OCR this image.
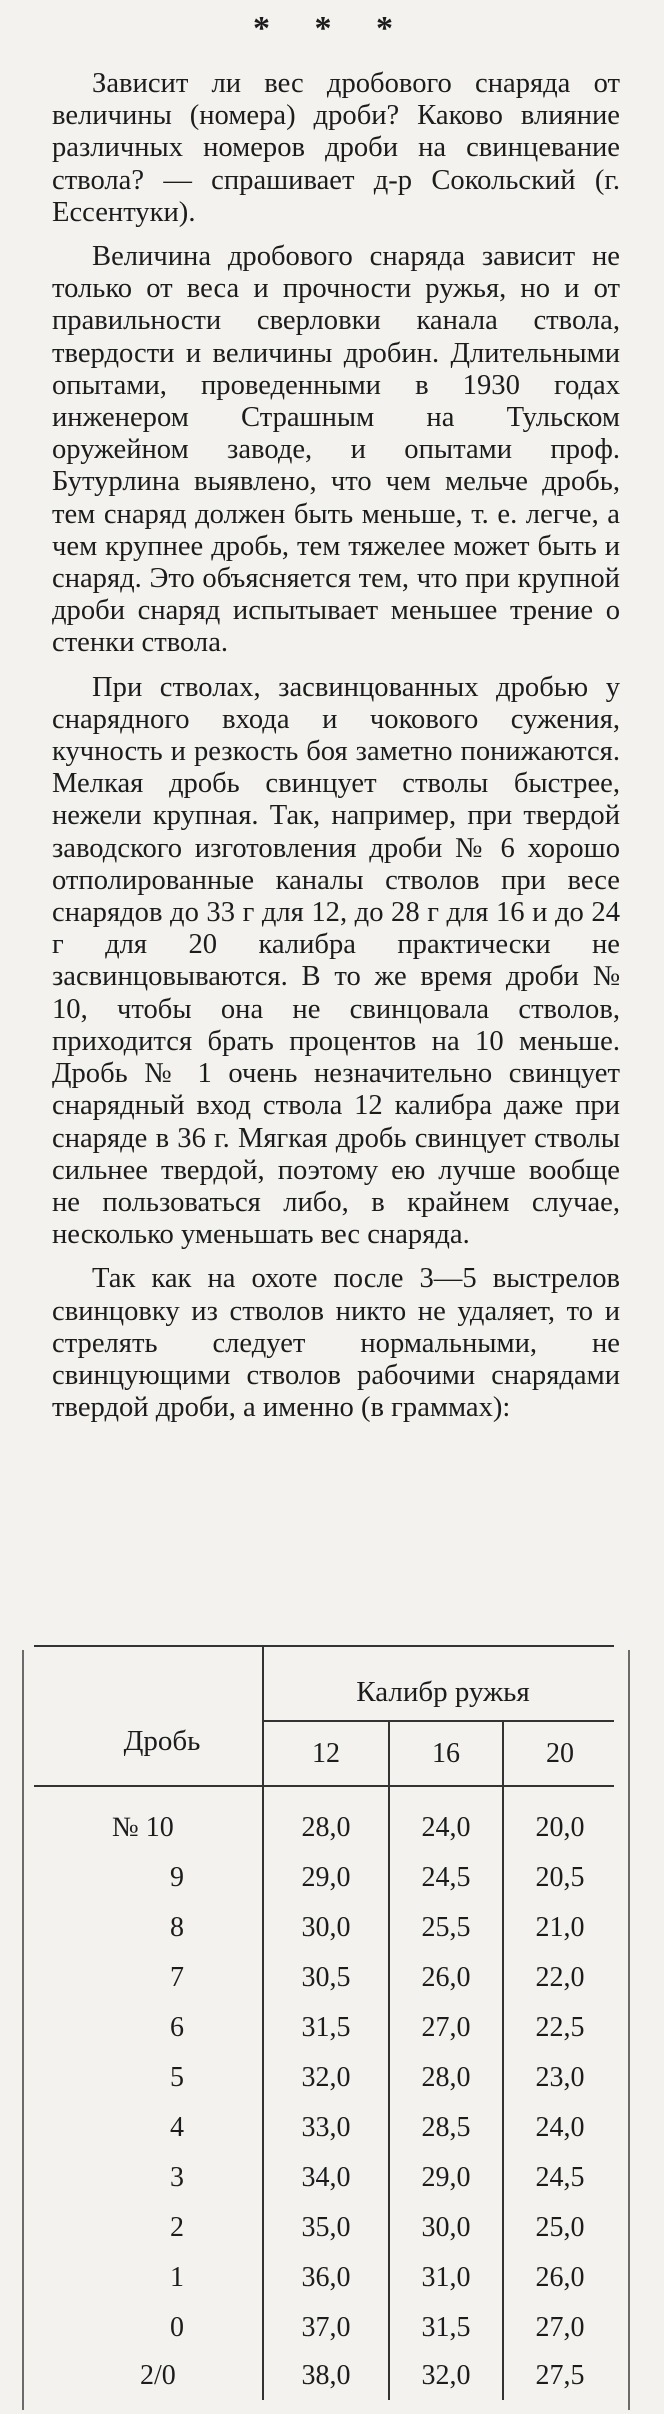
* * *

Зависит ли вес дробового снаряда от величины (номера) дроби? Каково влияние различных номеров дроби на свинцевание ствола? — спрашивает д-р Сокольский (г. Ессентуки).

Величина дробового снаряда зависит не только от веса и прочности ружья, но и от правильности сверловки канала ствола, твердости и величины дробин. Длительными опытами, проведенными в 1930 годах инженером Страшным на Тульском оружейном заводе, и опытами проф. Бутурлина выявлено, что чем мельче дробь, тем снаряд должен быть меньше, т. е. легче, а чем крупнее дробь, тем тяжелее может быть и снаряд. Это объясняется тем, что при крупной дроби снаряд испытывает меньшее трение о стенки ствола.

При стволах, засвинцованных дробью у снарядного входа и чокового сужения, кучность и резкость боя заметно понижаются. Мелкая дробь свинцует стволы быстрее, нежели крупная. Так, например, при твердой заводского изготовления дроби № 6 хорошо отполированные каналы стволов при весе снарядов до 33 г для 12, до 28 г для 16 и до 24 г для 20 калибра практически не засвинцовываются. В то же время дроби № 10, чтобы она не свинцовала стволов, приходится брать процентов на 10 меньше. Дробь № 1 очень незначительно свинцует снарядный вход ствола 12 калибра даже при снаряде в 36 г. Мягкая дробь свинцует стволы сильнее твердой, поэтому ею лучше вообще не пользоваться либо, в крайнем случае, несколько уменьшать вес снаряда.

Так как на охоте после 3—5 выстрелов свинцовку из стволов никто не удаляет, то и стрелять следует нормальными, не свинцующими стволов рабочими снарядами твердой дроби, а именно (в граммах):

Дробь
Калибр ружья
12	16	20
№ 10	28,0	24,0	20,0
9	29,0	24,5	20,5
8	30,0	25,5	21,0
7	30,5	26,0	22,0
6	31,5	27,0	22,5
5	32,0	28,0	23,0
4	33,0	28,5	24,0
3	34,0	29,0	24,5
2	35,0	30,0	25,0
1	36,0	31,0	26,0
0	37,0	31,5	27,0
2/0	38,0	32,0	27,5
